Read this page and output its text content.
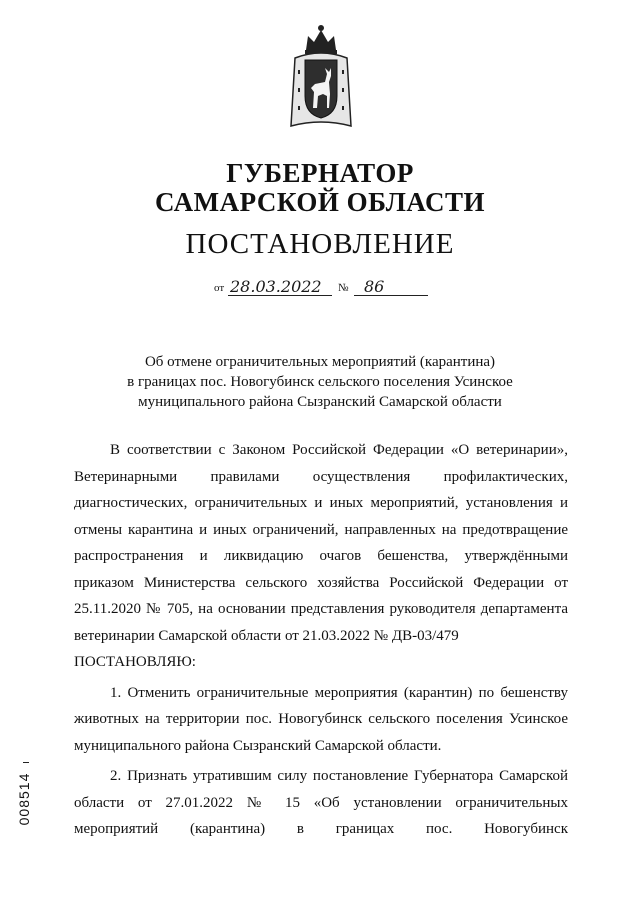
ГУБЕРНАТОР
САМАРСКОЙ ОБЛАСТИ
ПОСТАНОВЛЕНИЕ
от 28.03.2022 № 86
Об отмене ограничительных мероприятий (карантина)
в границах пос. Новогубинск сельского поселения Усинское
муниципального района Сызранский Самарской области

В соответствии с Законом Российской Федерации «О ветеринарии», Ветеринарными правилами осуществления профилактических, диагностических, ограничительных и иных мероприятий, установления и отмены карантина и иных ограничений, направленных на предотвращение распространения и ликвидацию очагов бешенства, утверждёнными приказом Министерства сельского хозяйства Российской Федерации от 25.11.2020 № 705, на основании представления руководителя департамента ветеринарии Самарской области от 21.03.2022 № ДВ-03/479

ПОСТАНОВЛЯЮ:

1. Отменить ограничительные мероприятия (карантин) по бешенству животных на территории пос. Новогубинск сельского поселения Усинское муниципального района Сызранский Самарской области.

2. Признать утратившим силу постановление Губернатора Самарской области от 27.01.2022 № 15 «Об установлении ограничительных мероприятий (карантина) в границах пос. Новогубинск

008514
